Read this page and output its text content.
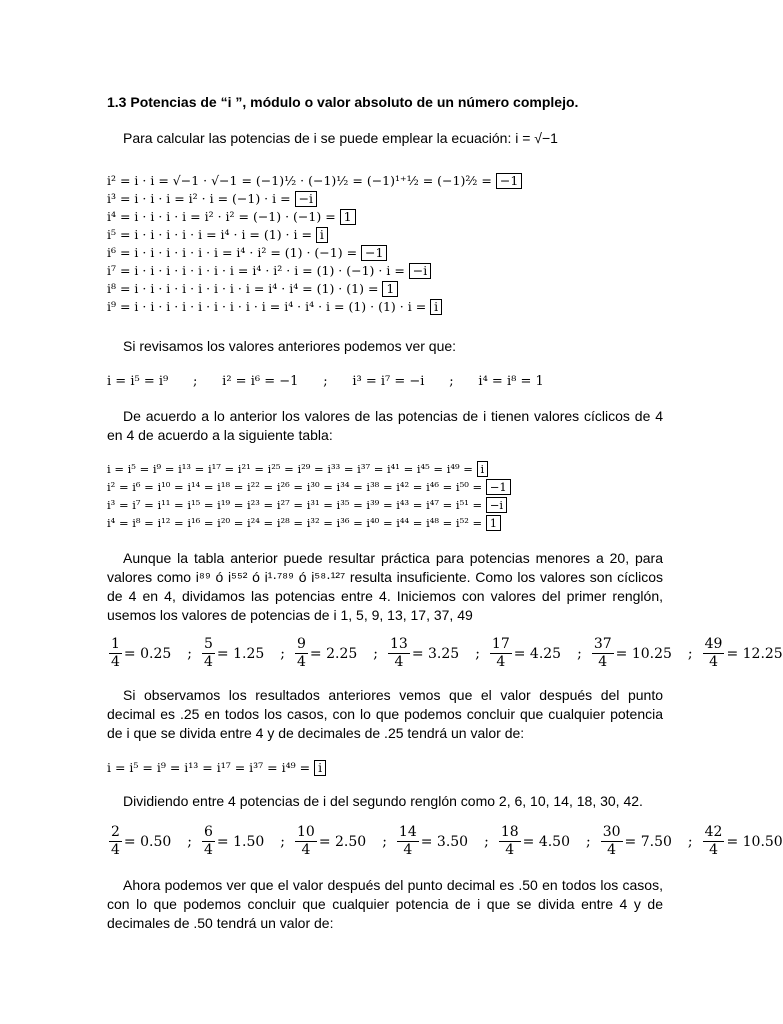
1.3 Potencias de “i ”, módulo o valor absoluto de un número complejo.
Para calcular las potencias de i se puede emplear la ecuación: i = √−1
i² = i · i = √−1 · √−1 = (−1)½ · (−1)½ = (−1)¹⁺¹⁄₂ = (−1)²⁄₂ = −1
i³ = i · i · i = i² · i = (−1) · i = −i
i⁴ = i · i · i · i = i² · i² = (−1) · (−1) = 1
i⁵ = i · i · i · i · i = i⁴ · i = (1) · i = i
i⁶ = i · i · i · i · i · i = i⁴ · i² = (1) · (−1) = −1
i⁷ = i · i · i · i · i · i · i = i⁴ · i² · i = (1) · (−1) · i = −i
i⁸ = i · i · i · i · i · i · i · i = i⁴ · i⁴ = (1) · (1) = 1
i⁹ = i · i · i · i · i · i · i · i · i = i⁴ · i⁴ · i = (1) · (1) · i = i
Si revisamos los valores anteriores podemos ver que:
i = i⁵ = i⁹      ;      i² = i⁶ = −1      ;      i³ = i⁷ = −i      ;      i⁴ = i⁸ = 1
De acuerdo a lo anterior los valores de las potencias de i tienen valores cíclicos de 4 en 4 de acuerdo a la siguiente tabla:
i = i⁵ = i⁹ = i¹³ = i¹⁷ = i²¹ = i²⁵ = i²⁹ = i³³ = i³⁷ = i⁴¹ = i⁴⁵ = i⁴⁹ = i
i² = i⁶ = i¹⁰ = i¹⁴ = i¹⁸ = i²² = i²⁶ = i³⁰ = i³⁴ = i³⁸ = i⁴² = i⁴⁶ = i⁵⁰ = −1
i³ = i⁷ = i¹¹ = i¹⁵ = i¹⁹ = i²³ = i²⁷ = i³¹ = i³⁵ = i³⁹ = i⁴³ = i⁴⁷ = i⁵¹ = −i
i⁴ = i⁸ = i¹² = i¹⁶ = i²⁰ = i²⁴ = i²⁸ = i³² = i³⁶ = i⁴⁰ = i⁴⁴ = i⁴⁸ = i⁵² = 1
Aunque la tabla anterior puede resultar práctica para potencias menores a 20, para valores como i⁸⁹ ó i⁵⁵² ó i¹·⁷⁸⁹ ó i⁵⁸·¹²⁷ resulta insuficiente. Como los valores son cíclicos de 4 en 4, dividamos las potencias entre 4. Iniciemos con valores del primer renglón, usemos los valores de potencias de i 1, 5, 9, 13, 17, 37, 49
$\frac{1}{4} = 0.25$ ; $\frac{5}{4} = 1.25$ ; $\frac{9}{4} = 2.25$ ; $\frac{13}{4} = 3.25$ ; $\frac{17}{4} = 4.25$ ; $\frac{37}{4} = 10.25$ ; $\frac{49}{4} = 12.25$
Si observamos los resultados anteriores vemos que el valor después del punto decimal es .25 en todos los casos, con lo que podemos concluir que cualquier potencia de i que se divida entre 4 y de decimales de .25 tendrá un valor de:
i = i⁵ = i⁹ = i¹³ = i¹⁷ = i³⁷ = i⁴⁹ = i
Dividiendo entre 4 potencias de i del segundo renglón como 2, 6, 10, 14, 18, 30, 42.
$\frac{2}{4} = 0.50$ ; $\frac{6}{4} = 1.50$ ; $\frac{10}{4} = 2.50$ ; $\frac{14}{4} = 3.50$ ; $\frac{18}{4} = 4.50$ ; $\frac{30}{4} = 7.50$ ; $\frac{42}{4} = 10.50$
Ahora podemos ver que el valor después del punto decimal es .50 en todos los casos, con lo que podemos concluir que cualquier potencia de i que se divida entre 4 y de decimales de .50 tendrá un valor de:
